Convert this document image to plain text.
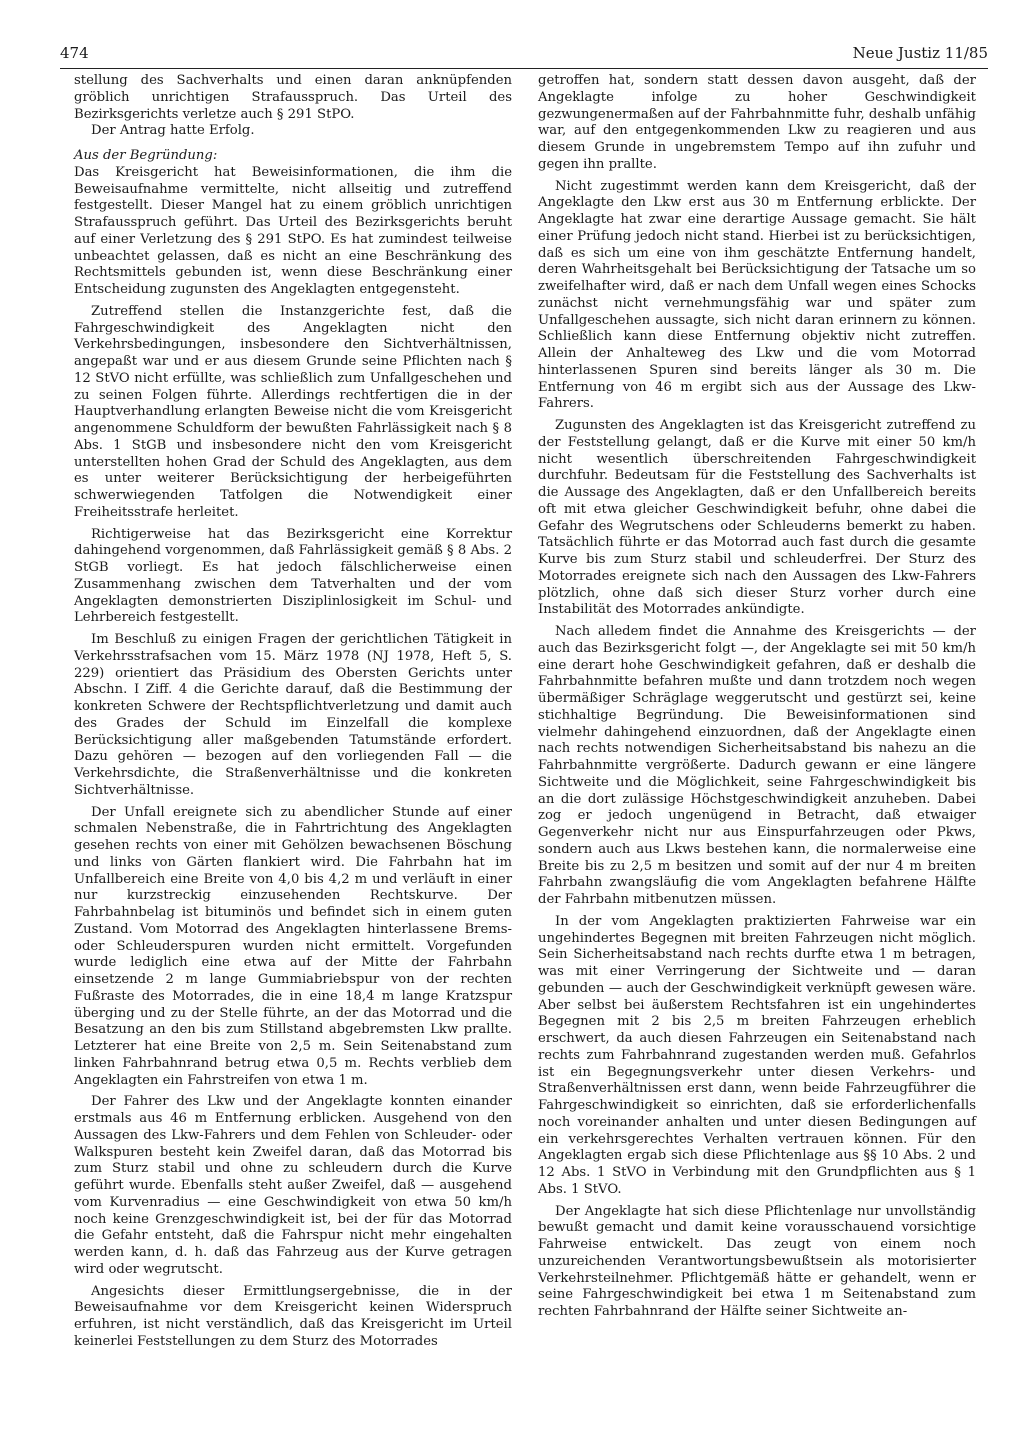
474	Neue Justiz 11/85

stellung des Sachverhalts und einen daran anknüpfenden gröblich unrichtigen Strafausspruch. Das Urteil des Bezirksgerichts verletze auch § 291 StPO.

Der Antrag hatte Erfolg.

Aus der Begründung:

Das Kreisgericht hat Beweisinformationen, die ihm die Beweisaufnahme vermittelte, nicht allseitig und zutreffend festgestellt. Dieser Mangel hat zu einem gröblich unrichtigen Strafausspruch geführt. Das Urteil des Bezirksgerichts beruht auf einer Verletzung des § 291 StPO. Es hat zumindest teilweise unbeachtet gelassen, daß es nicht an eine Beschränkung des Rechtsmittels gebunden ist, wenn diese Beschränkung einer Entscheidung zugunsten des Angeklagten entgegensteht.

Zutreffend stellen die Instanzgerichte fest, daß die Fahrgeschwindigkeit des Angeklagten nicht den Verkehrsbedingungen, insbesondere den Sichtverhältnissen, angepaßt war und er aus diesem Grunde seine Pflichten nach § 12 StVO nicht erfüllte, was schließlich zum Unfallgeschehen und zu seinen Folgen führte. Allerdings rechtfertigen die in der Hauptverhandlung erlangten Beweise nicht die vom Kreisgericht angenommene Schuldform der bewußten Fahrlässigkeit nach § 8 Abs. 1 StGB und insbesondere nicht den vom Kreisgericht unterstellten hohen Grad der Schuld des Angeklagten, aus dem es unter weiterer Berücksichtigung der herbeigeführten schwerwiegenden Tatfolgen die Notwendigkeit einer Freiheitsstrafe herleitet.

Richtigerweise hat das Bezirksgericht eine Korrektur dahingehend vorgenommen, daß Fahrlässigkeit gemäß § 8 Abs. 2 StGB vorliegt. Es hat jedoch fälschlicherweise einen Zusammenhang zwischen dem Tatverhalten und der vom Angeklagten demonstrierten Disziplinlosigkeit im Schul- und Lehrbereich festgestellt.

Im Beschluß zu einigen Fragen der gerichtlichen Tätigkeit in Verkehrsstrafsachen vom 15. März 1978 (NJ 1978, Heft 5, S. 229) orientiert das Präsidium des Obersten Gerichts unter Abschn. I Ziff. 4 die Gerichte darauf, daß die Bestimmung der konkreten Schwere der Rechtspflichtverletzung und damit auch des Grades der Schuld im Einzelfall die komplexe Berücksichtigung aller maßgebenden Tatumstände erfordert. Dazu gehören — bezogen auf den vorliegenden Fall — die Verkehrsdichte, die Straßenverhältnisse und die konkreten Sichtverhältnisse.

Der Unfall ereignete sich zu abendlicher Stunde auf einer schmalen Nebenstraße, die in Fahrtrichtung des Angeklagten gesehen rechts von einer mit Gehölzen bewachsenen Böschung und links von Gärten flankiert wird. Die Fahrbahn hat im Unfallbereich eine Breite von 4,0 bis 4,2 m und verläuft in einer nur kurzstreckig einzusehenden Rechtskurve. Der Fahrbahnbelag ist bituminös und befindet sich in einem guten Zustand. Vom Motorrad des Angeklagten hinterlassene Brems- oder Schleuderspuren wurden nicht ermittelt. Vorgefunden wurde lediglich eine etwa auf der Mitte der Fahrbahn einsetzende 2 m lange Gummiabriebspur von der rechten Fußraste des Motorrades, die in eine 18,4 m lange Kratzspur überging und zu der Stelle führte, an der das Motorrad und die Besatzung an den bis zum Stillstand abgebremsten Lkw prallte. Letzterer hat eine Breite von 2,5 m. Sein Seitenabstand zum linken Fahrbahnrand betrug etwa 0,5 m. Rechts verblieb dem Angeklagten ein Fahrstreifen von etwa 1 m.

Der Fahrer des Lkw und der Angeklagte konnten einander erstmals aus 46 m Entfernung erblicken. Ausgehend von den Aussagen des Lkw-Fahrers und dem Fehlen von Schleuder- oder Walkspuren besteht kein Zweifel daran, daß das Motorrad bis zum Sturz stabil und ohne zu schleudern durch die Kurve geführt wurde. Ebenfalls steht außer Zweifel, daß — ausgehend vom Kurvenradius — eine Geschwindigkeit von etwa 50 km/h noch keine Grenzgeschwindigkeit ist, bei der für das Motorrad die Gefahr entsteht, daß die Fahrspur nicht mehr eingehalten werden kann, d. h. daß das Fahrzeug aus der Kurve getragen wird oder wegrutscht.

Angesichts dieser Ermittlungsergebnisse, die in der Beweisaufnahme vor dem Kreisgericht keinen Widerspruch erfuhren, ist nicht verständlich, daß das Kreisgericht im Urteil keinerlei Feststellungen zu dem Sturz des Motorrades

getroffen hat, sondern statt dessen davon ausgeht, daß der Angeklagte infolge zu hoher Geschwindigkeit gezwungenermaßen auf der Fahrbahnmitte fuhr, deshalb unfähig war, auf den entgegenkommenden Lkw zu reagieren und aus diesem Grunde in ungebremstem Tempo auf ihn zufuhr und gegen ihn prallte.

Nicht zugestimmt werden kann dem Kreisgericht, daß der Angeklagte den Lkw erst aus 30 m Entfernung erblickte. Der Angeklagte hat zwar eine derartige Aussage gemacht. Sie hält einer Prüfung jedoch nicht stand. Hierbei ist zu berücksichtigen, daß es sich um eine von ihm geschätzte Entfernung handelt, deren Wahrheitsgehalt bei Berücksichtigung der Tatsache um so zweifelhafter wird, daß er nach dem Unfall wegen eines Schocks zunächst nicht vernehmungsfähig war und später zum Unfallgeschehen aussagte, sich nicht daran erinnern zu können. Schließlich kann diese Entfernung objektiv nicht zutreffen. Allein der Anhalteweg des Lkw und die vom Motorrad hinterlassenen Spuren sind bereits länger als 30 m. Die Entfernung von 46 m ergibt sich aus der Aussage des Lkw-Fahrers.

Zugunsten des Angeklagten ist das Kreisgericht zutreffend zu der Feststellung gelangt, daß er die Kurve mit einer 50 km/h nicht wesentlich überschreitenden Fahrgeschwindigkeit durchfuhr. Bedeutsam für die Feststellung des Sachverhalts ist die Aussage des Angeklagten, daß er den Unfallbereich bereits oft mit etwa gleicher Geschwindigkeit befuhr, ohne dabei die Gefahr des Wegrutschens oder Schleuderns bemerkt zu haben. Tatsächlich führte er das Motorrad auch fast durch die gesamte Kurve bis zum Sturz stabil und schleuderfrei. Der Sturz des Motorrades ereignete sich nach den Aussagen des Lkw-Fahrers plötzlich, ohne daß sich dieser Sturz vorher durch eine Instabilität des Motorrades ankündigte.

Nach alledem findet die Annahme des Kreisgerichts — der auch das Bezirksgericht folgt —, der Angeklagte sei mit 50 km/h eine derart hohe Geschwindigkeit gefahren, daß er deshalb die Fahrbahnmitte befahren mußte und dann trotzdem noch wegen übermäßiger Schräglage weggerutscht und gestürzt sei, keine stichhaltige Begründung. Die Beweisinformationen sind vielmehr dahingehend einzuordnen, daß der Angeklagte einen nach rechts notwendigen Sicherheitsabstand bis nahezu an die Fahrbahnmitte vergrößerte. Dadurch gewann er eine längere Sichtweite und die Möglichkeit, seine Fahrgeschwindigkeit bis an die dort zulässige Höchstgeschwindigkeit anzuheben. Dabei zog er jedoch ungenügend in Betracht, daß etwaiger Gegenverkehr nicht nur aus Einspurfahrzeugen oder Pkws, sondern auch aus Lkws bestehen kann, die normalerweise eine Breite bis zu 2,5 m besitzen und somit auf der nur 4 m breiten Fahrbahn zwangsläufig die vom Angeklagten befahrene Hälfte der Fahrbahn mitbenutzen müssen.

In der vom Angeklagten praktizierten Fahrweise war ein ungehindertes Begegnen mit breiten Fahrzeugen nicht möglich. Sein Sicherheitsabstand nach rechts durfte etwa 1 m betragen, was mit einer Verringerung der Sichtweite und — daran gebunden — auch der Geschwindigkeit verknüpft gewesen wäre. Aber selbst bei äußerstem Rechtsfahren ist ein ungehindertes Begegnen mit 2 bis 2,5 m breiten Fahrzeugen erheblich erschwert, da auch diesen Fahrzeugen ein Seitenabstand nach rechts zum Fahrbahnrand zugestanden werden muß. Gefahrlos ist ein Begegnungsverkehr unter diesen Verkehrs- und Straßenverhältnissen erst dann, wenn beide Fahrzeugführer die Fahrgeschwindigkeit so einrichten, daß sie erforderlichenfalls noch voreinander anhalten und unter diesen Bedingungen auf ein verkehrsgerechtes Verhalten vertrauen können. Für den Angeklagten ergab sich diese Pflichtenlage aus §§ 10 Abs. 2 und 12 Abs. 1 StVO in Verbindung mit den Grundpflichten aus § 1 Abs. 1 StVO.

Der Angeklagte hat sich diese Pflichtenlage nur unvollständig bewußt gemacht und damit keine vorausschauend vorsichtige Fahrweise entwickelt. Das zeugt von einem noch unzureichenden Verantwortungsbewußtsein als motorisierter Verkehrsteilnehmer. Pflichtgemäß hätte er gehandelt, wenn er seine Fahrgeschwindigkeit bei etwa 1 m Seitenabstand zum rechten Fahrbahnrand der Hälfte seiner Sichtweite an-
